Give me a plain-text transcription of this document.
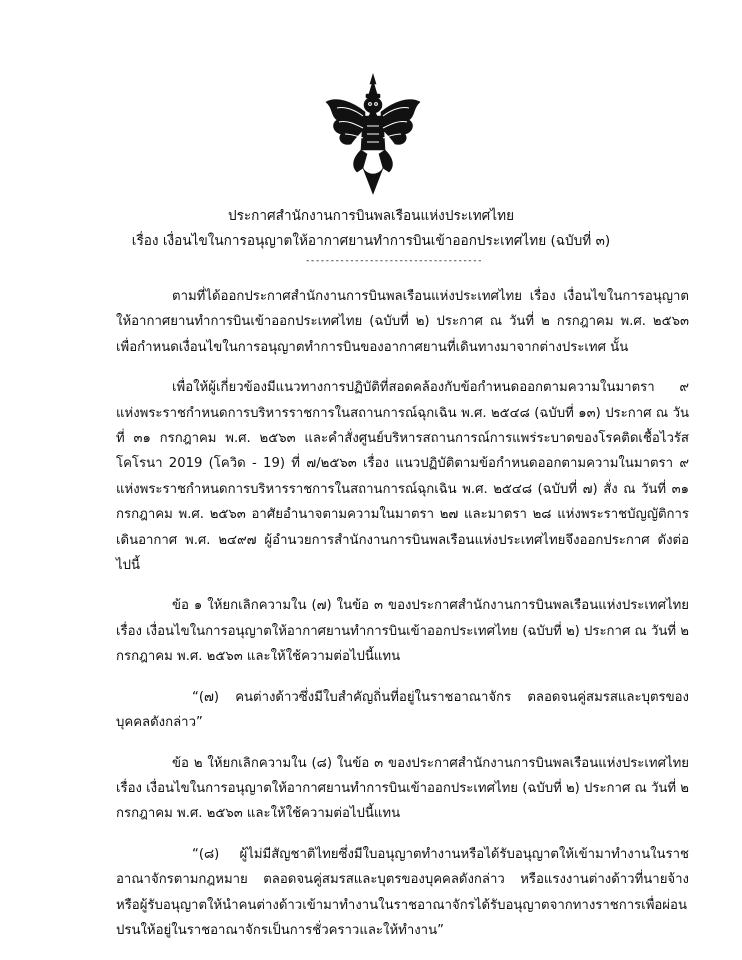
ประกาศสำนักงานการบินพลเรือนแห่งประเทศไทย
เรื่อง เงื่อนไขในการอนุญาตให้อากาศยานทำการบินเข้าออกประเทศไทย (ฉบับที่ ๓)
------------------------------------

ตามที่ได้ออกประกาศสำนักงานการบินพลเรือนแห่งประเทศไทย เรื่อง เงื่อนไขในการอนุญาตให้อากาศยานทำการบินเข้าออกประเทศไทย (ฉบับที่ ๒) ประกาศ ณ วันที่ ๒ กรกฎาคม พ.ศ. ๒๕๖๓ เพื่อกำหนดเงื่อนไขในการอนุญาตทำการบินของอากาศยานที่เดินทางมาจากต่างประเทศ นั้น

เพื่อให้ผู้เกี่ยวข้องมีแนวทางการปฏิบัติที่สอดคล้องกับข้อกำหนดออกตามความในมาตรา ๙ แห่งพระราชกำหนดการบริหารราชการในสถานการณ์ฉุกเฉิน พ.ศ. ๒๕๔๘ (ฉบับที่ ๑๓) ประกาศ ณ วันที่ ๓๑ กรกฎาคม พ.ศ. ๒๕๖๓ และคำสั่งศูนย์บริหารสถานการณ์การแพร่ระบาดของโรคติดเชื้อไวรัสโคโรนา 2019 (โควิด - 19) ที่ ๗/๒๕๖๓ เรื่อง แนวปฏิบัติตามข้อกำหนดออกตามความในมาตรา ๙ แห่งพระราชกำหนดการบริหารราชการในสถานการณ์ฉุกเฉิน พ.ศ. ๒๕๔๘ (ฉบับที่ ๗) สั่ง ณ วันที่ ๓๑ กรกฎาคม พ.ศ. ๒๕๖๓ อาศัยอำนาจตามความในมาตรา ๒๗ และมาตรา ๒๘ แห่งพระราชบัญญัติการเดินอากาศ พ.ศ. ๒๔๙๗ ผู้อำนวยการสำนักงานการบินพลเรือนแห่งประเทศไทยจึงออกประกาศ ดังต่อไปนี้

ข้อ ๑ ให้ยกเลิกความใน (๗) ในข้อ ๓ ของประกาศสำนักงานการบินพลเรือนแห่งประเทศไทย เรื่อง เงื่อนไขในการอนุญาตให้อากาศยานทำการบินเข้าออกประเทศไทย (ฉบับที่ ๒) ประกาศ ณ วันที่ ๒ กรกฎาคม พ.ศ. ๒๕๖๓ และให้ใช้ความต่อไปนี้แทน

“(๗) คนต่างด้าวซึ่งมีใบสำคัญถิ่นที่อยู่ในราชอาณาจักร ตลอดจนคู่สมรสและบุตรของบุคคลดังกล่าว”

ข้อ ๒ ให้ยกเลิกความใน (๘) ในข้อ ๓ ของประกาศสำนักงานการบินพลเรือนแห่งประเทศไทย เรื่อง เงื่อนไขในการอนุญาตให้อากาศยานทำการบินเข้าออกประเทศไทย (ฉบับที่ ๒) ประกาศ ณ วันที่ ๒ กรกฎาคม พ.ศ. ๒๕๖๓ และให้ใช้ความต่อไปนี้แทน

“(๘) ผู้ไม่มีสัญชาติไทยซึ่งมีใบอนุญาตทำงานหรือได้รับอนุญาตให้เข้ามาทำงานในราชอาณาจักรตามกฎหมาย ตลอดจนคู่สมรสและบุตรของบุคคลดังกล่าว หรือแรงงานต่างด้าวที่นายจ้างหรือผู้รับอนุญาตให้นำคนต่างด้าวเข้ามาทำงานในราชอาณาจักรได้รับอนุญาตจากทางราชการเพื่อผ่อนปรนให้อยู่ในราชอาณาจักรเป็นการชั่วคราวและให้ทำงาน”
